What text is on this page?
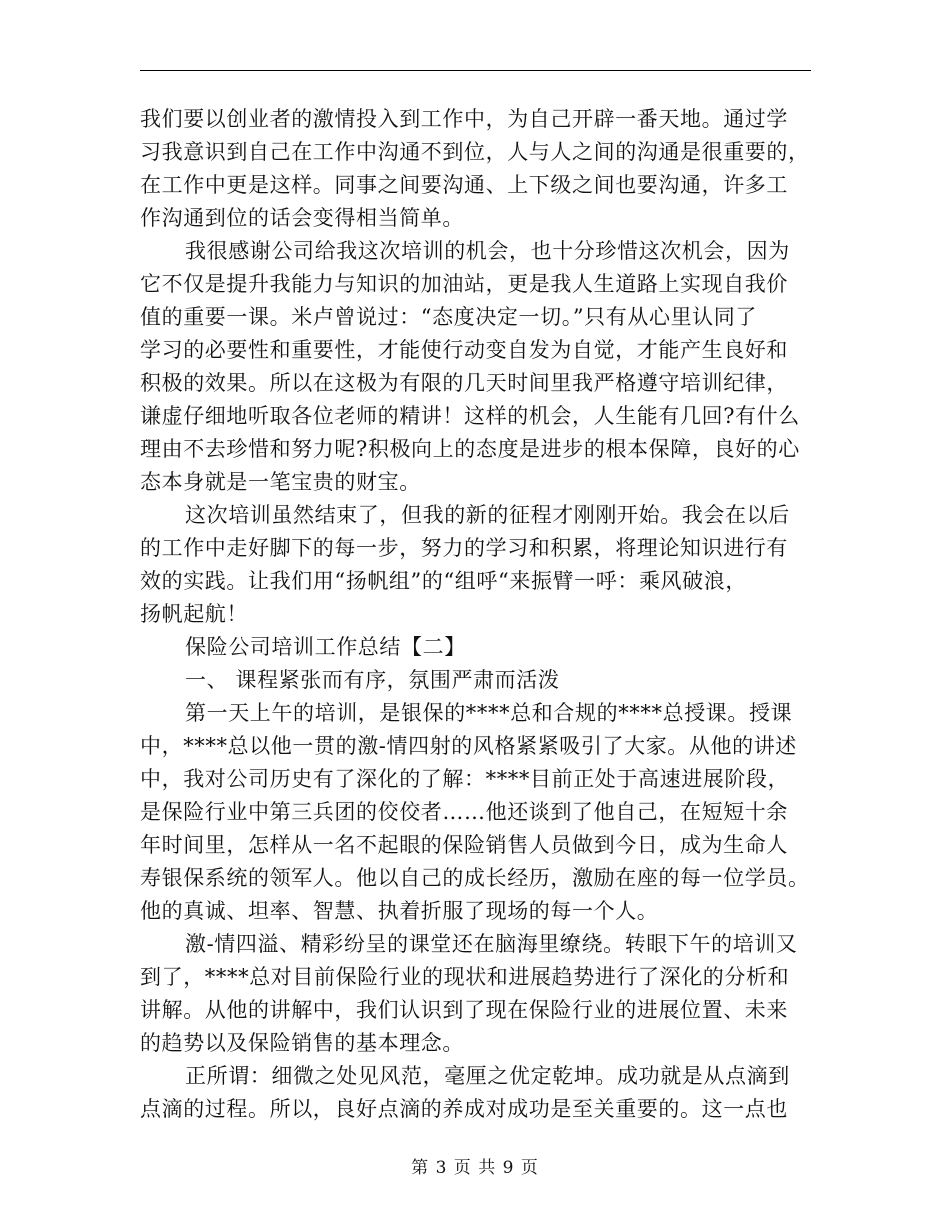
我们要以创业者的激情投入到工作中，为自己开辟一番天地。通过学
习我意识到自己在工作中沟通不到位，人与人之间的沟通是很重要的，
在工作中更是这样。同事之间要沟通、上下级之间也要沟通，许多工
作沟通到位的话会变得相当简单。
我很感谢公司给我这次培训的机会，也十分珍惜这次机会，因为
它不仅是提升我能力与知识的加油站，更是我人生道路上实现自我价
值的重要一课。米卢曾说过：“态度决定一切。”只有从心里认同了
学习的必要性和重要性，才能使行动变自发为自觉，才能产生良好和
积极的效果。所以在这极为有限的几天时间里我严格遵守培训纪律，
谦虚仔细地听取各位老师的精讲！这样的机会，人生能有几回?有什么
理由不去珍惜和努力呢?积极向上的态度是进步的根本保障，良好的心
态本身就是一笔宝贵的财宝。
这次培训虽然结束了，但我的新的征程才刚刚开始。我会在以后
的工作中走好脚下的每一步，努力的学习和积累，将理论知识进行有
效的实践。让我们用“扬帆组”的“组呼“来振臂一呼：乘风破浪，
扬帆起航！
保险公司培训工作总结【二】
一、 课程紧张而有序，氛围严肃而活泼
第一天上午的培训，是银保的****总和合规的****总授课。授课
中，****总以他一贯的激-情四射的风格紧紧吸引了大家。从他的讲述
中，我对公司历史有了深化的了解：****目前正处于高速进展阶段，
是保险行业中第三兵团的佼佼者……他还谈到了他自己，在短短十余
年时间里，怎样从一名不起眼的保险销售人员做到今日，成为生命人
寿银保系统的领军人。他以自己的成长经历，激励在座的每一位学员。
他的真诚、坦率、智慧、执着折服了现场的每一个人。
激-情四溢、精彩纷呈的课堂还在脑海里缭绕。转眼下午的培训又
到了，****总对目前保险行业的现状和进展趋势进行了深化的分析和
讲解。从他的讲解中，我们认识到了现在保险行业的进展位置、未来
的趋势以及保险销售的基本理念。
正所谓：细微之处见风范，毫厘之优定乾坤。成功就是从点滴到
点滴的过程。所以，良好点滴的养成对成功是至关重要的。这一点也
第 3 页 共 9 页
